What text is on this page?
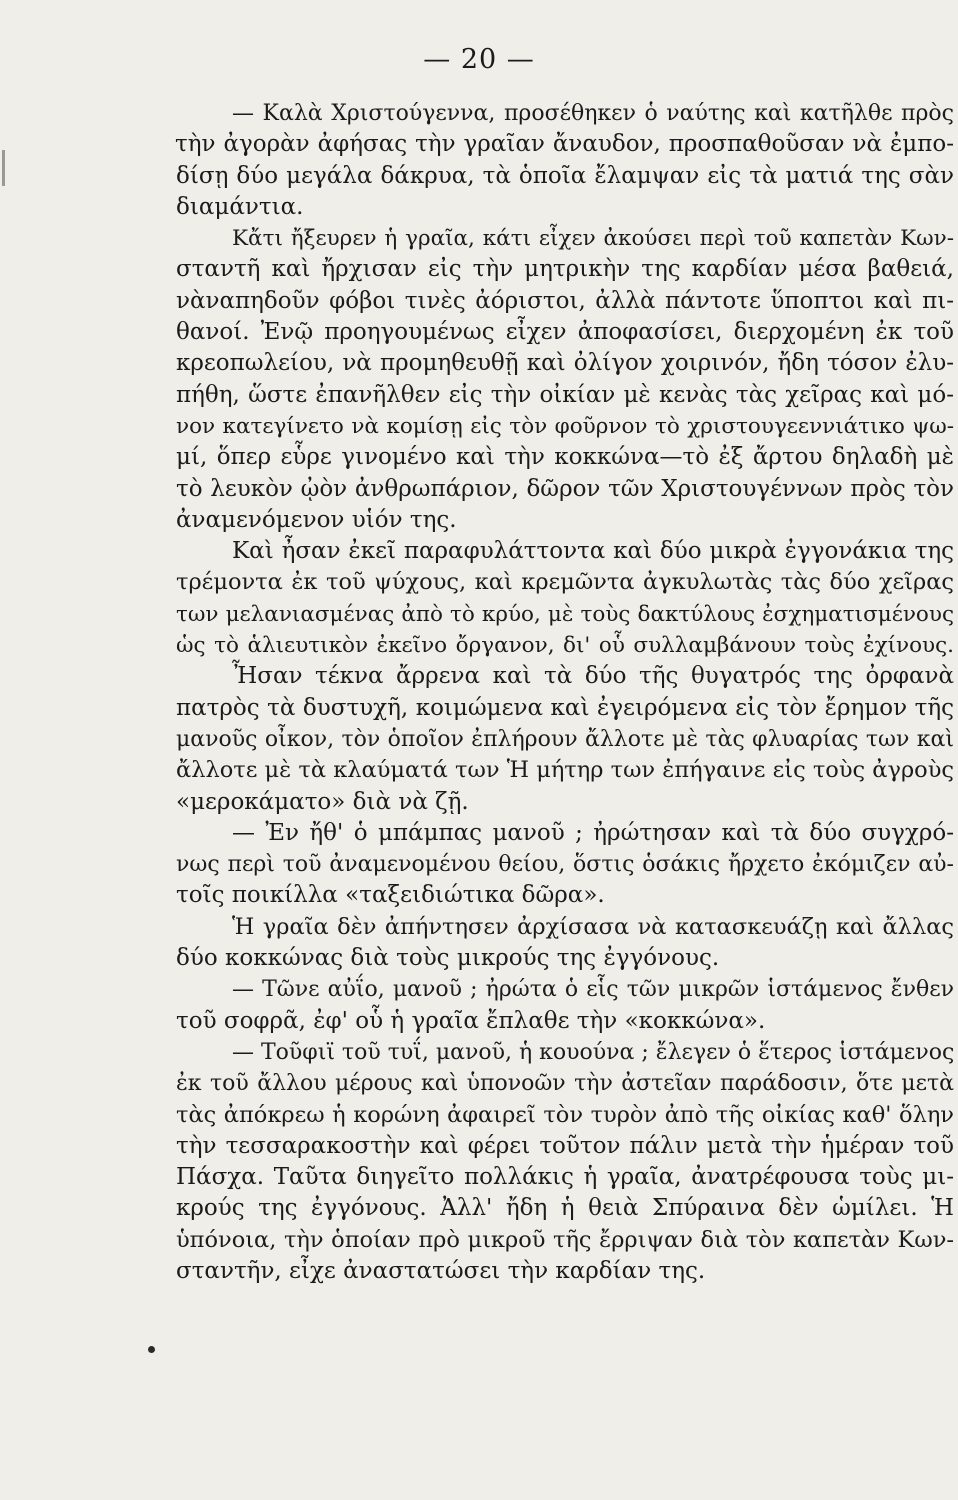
— 20 —
— Καλὰ Χριστούγεννα, προσέθηκεν ὁ ναύτης καὶ κατῆλθε πρὸς
τὴν ἀγορὰν ἀφήσας τὴν γραῖαν ἄναυδον, προσπαθοῦσαν νὰ ἐμπο-
δίσῃ δύο μεγάλα δάκρυα, τὰ ὁποῖα ἔλαμψαν εἰς τὰ ματιά της σὰν
διαμάντια.
Κἄτι ἤξευρεν ἡ γραῖα, κάτι εἶχεν ἀκούσει περὶ τοῦ καπετὰν Κων-
σταντῆ καὶ ἤρχισαν εἰς τὴν μητρικὴν της καρδίαν μέσα βαθειά,
νὰναπηδοῦν φόβοι τινὲς ἀόριστοι, ἀλλὰ πάντοτε ὕποπτοι καὶ πι-
θανοί. Ἐνῷ προηγουμένως εἶχεν ἀποφασίσει, διερχομένη ἐκ τοῦ
κρεοπωλείου, νὰ προμηθευθῇ καὶ ὀλίγον χοιρινόν, ἤδη τόσον ἐλυ-
πήθη, ὥστε ἐπανῆλθεν εἰς τὴν οἰκίαν μὲ κενὰς τὰς χεῖρας καὶ μό-
νον κατεγίνετο νὰ κομίσῃ εἰς τὸν φοῦρνον τὸ χριστουγεεννιάτικο ψω-
μί, ὅπερ εὗρε γινομένο καὶ τὴν κοκκώνα—τὸ ἐξ ἄρτου δηλαδὴ μὲ
τὸ λευκὸν ᾠὸν ἀνθρωπάριον, δῶρον τῶν Χριστουγέννων πρὸς τὸν
ἀναμενόμενον υἱόν της.
Καὶ ἦσαν ἐκεῖ παραφυλάττοντα καὶ δύο μικρὰ ἐγγονάκια της
τρέμοντα ἐκ τοῦ ψύχους, καὶ κρεμῶντα ἀγκυλωτὰς τὰς δύο χεῖρας
των μελανιασμένας ἀπὸ τὸ κρύο, μὲ τοὺς δακτύλους ἐσχηματισμένους
ὡς τὸ ἁλιευτικὸν ἐκεῖνο ὄργανον, δι' οὗ συλλαμβάνουν τοὺς ἐχίνους.
Ἦσαν τέκνα ἄρρενα καὶ τὰ δύο τῆς θυγατρός της ὀρφανὰ
πατρὸς τὰ δυστυχῆ, κοιμώμενα καὶ ἐγειρόμενα εἰς τὸν ἔρημον τῆς
μανοῦς οἶκον, τὸν ὁποῖον ἐπλήρουν ἄλλοτε μὲ τὰς φλυαρίας των καὶ
ἄλλοτε μὲ τὰ κλαύματά των Ἡ μήτηρ των ἐπήγαινε εἰς τοὺς ἀγροὺς
«μεροκάματο» διὰ νὰ ζῇ.
— Ἐν ἤθ' ὁ μπάμπας μανοῦ ; ἠρώτησαν καὶ τὰ δύο συγχρό-
νως περὶ τοῦ ἀναμενομένου θείου, ὅστις ὁσάκις ἤρχετο ἐκόμιζεν αὐ-
τοῖς ποικίλλα «ταξειδιώτικα δῶρα».
Ἡ γραῖα δὲν ἀπήντησεν ἀρχίσασα νὰ κατασκευάζῃ καὶ ἄλλας
δύο κοκκώνας διὰ τοὺς μικρούς της ἐγγόνους.
— Τῶνε αὐΐο, μανοῦ ; ἠρώτα ὁ εἷς τῶν μικρῶν ἱστάμενος ἔνθεν
τοῦ σοφρᾶ, ἐφ' οὗ ἡ γραῖα ἔπλαθε τὴν «κοκκώνα».
— Τοῦφιϊ τοῦ τυΐ, μανοῦ, ἡ κουούνα ; ἔλεγεν ὁ ἕτερος ἱστάμενος
ἐκ τοῦ ἄλλου μέρους καὶ ὑπονοῶν τὴν ἀστεῖαν παράδοσιν, ὅτε μετὰ
τὰς ἀπόκρεω ἡ κορώνη ἀφαιρεῖ τὸν τυρὸν ἀπὸ τῆς οἰκίας καθ' ὅλην
τὴν τεσσαρακοστὴν καὶ φέρει τοῦτον πάλιν μετὰ τὴν ἡμέραν τοῦ
Πάσχα. Ταῦτα διηγεῖτο πολλάκις ἡ γραῖα, ἀνατρέφουσα τοὺς μι-
κρούς της ἐγγόνους. Ἀλλ' ἤδη ἡ θειὰ Σπύραινα δὲν ὡμίλει. Ἡ
ὑπόνοια, τὴν ὁποίαν πρὸ μικροῦ τῆς ἔρριψαν διὰ τὸν καπετὰν Κων-
σταντῆν, εἶχε ἀναστατώσει τὴν καρδίαν της.
